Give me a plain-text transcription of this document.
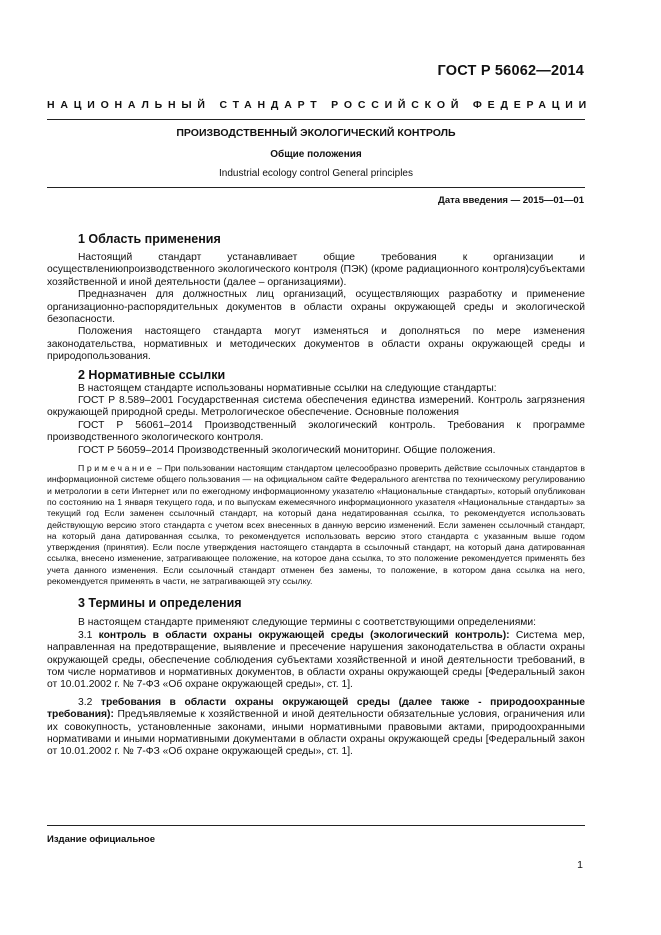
ГОСТ Р 56062—2014
НАЦИОНАЛЬНЫЙ СТАНДАРТ РОССИЙСКОЙ ФЕДЕРАЦИИ
ПРОИЗВОДСТВЕННЫЙ ЭКОЛОГИЧЕСКИЙ КОНТРОЛЬ
Общие положения
Industrial ecology control General principles
Дата введения — 2015—01—01
1 Область применения
Настоящий стандарт устанавливает общие требования к организации и осуществлениюпроизводственного экологического контроля (ПЭК) (кроме радиационного контроля)субъектами хозяйственной и иной деятельности (далее – организациями).
Предназначен для должностных лиц организаций, осуществляющих разработку и применение организационно-распорядительных документов в области охраны окружающей среды и экологической безопасности.
Положения настоящего стандарта могут изменяться и дополняться по мере изменения законодательства, нормативных и методических документов в области охраны окружающей среды и природопользования.
2 Нормативные ссылки
В настоящем стандарте использованы нормативные ссылки на следующие стандарты:
ГОСТ Р 8.589–2001 Государственная система обеспечения единства измерений. Контроль загрязнения окружающей природной среды. Метрологическое обеспечение. Основные положения
ГОСТ Р 56061–2014 Производственный экологический контроль. Требования к программе производственного экологического контроля.
ГОСТ Р 56059–2014 Производственный экологический мониторинг. Общие положения.
Примечание – При пользовании настоящим стандартом целесообразно проверить действие ссылочных стандартов в информационной системе общего пользования — на официальном сайте Федерального агентства по техническому регулированию и метрологии в сети Интернет или по ежегодному информационному указателю «Национальные стандарты», который опубликован по состоянию на 1 января текущего года, и по выпускам ежемесячного информационного указателя «Национальные стандарты» за текущий год Если заменен ссылочный стандарт, на который дана недатированная ссылка, то рекомендуется использовать действующую версию этого стандарта с учетом всех внесенных в данную версию изменений. Если заменен ссылочный стандарт, на который дана датированная ссылка, то рекомендуется использовать версию этого стандарта с указанным выше годом утверждения (принятия). Если после утверждения настоящего стандарта в ссылочный стандарт, на который дана датированная ссылка, внесено изменение, затрагивающее положение, на которое дана ссылка, то это положение рекомендуется применять без учета данного изменения. Если ссылочный стандарт отменен без замены, то положение, в котором дана ссылка на него, рекомендуется применять в части, не затрагивающей эту ссылку.
3 Термины и определения
В настоящем стандарте применяют следующие термины с соответствующими определениями:
3.1 контроль в области охраны окружающей среды (экологический контроль): Система мер, направленная на предотвращение, выявление и пресечение нарушения законодательства в области охраны окружающей среды, обеспечение соблюдения субъектами хозяйственной и иной деятельности требований, в том числе нормативов и нормативных документов, в области охраны окружающей среды [Федеральный закон от 10.01.2002 г. № 7-ФЗ «Об охране окружающей среды», ст. 1].
3.2 требования в области охраны окружающей среды (далее также - природоохранные требования): Предъявляемые к хозяйственной и иной деятельности обязательные условия, ограничения или их совокупность, установленные законами, иными нормативными правовыми актами, природоохранными нормативами и иными нормативными документами в области охраны окружающей среды [Федеральный закон от 10.01.2002 г. № 7-ФЗ «Об охране окружающей среды», ст. 1].
Издание официальное
1
